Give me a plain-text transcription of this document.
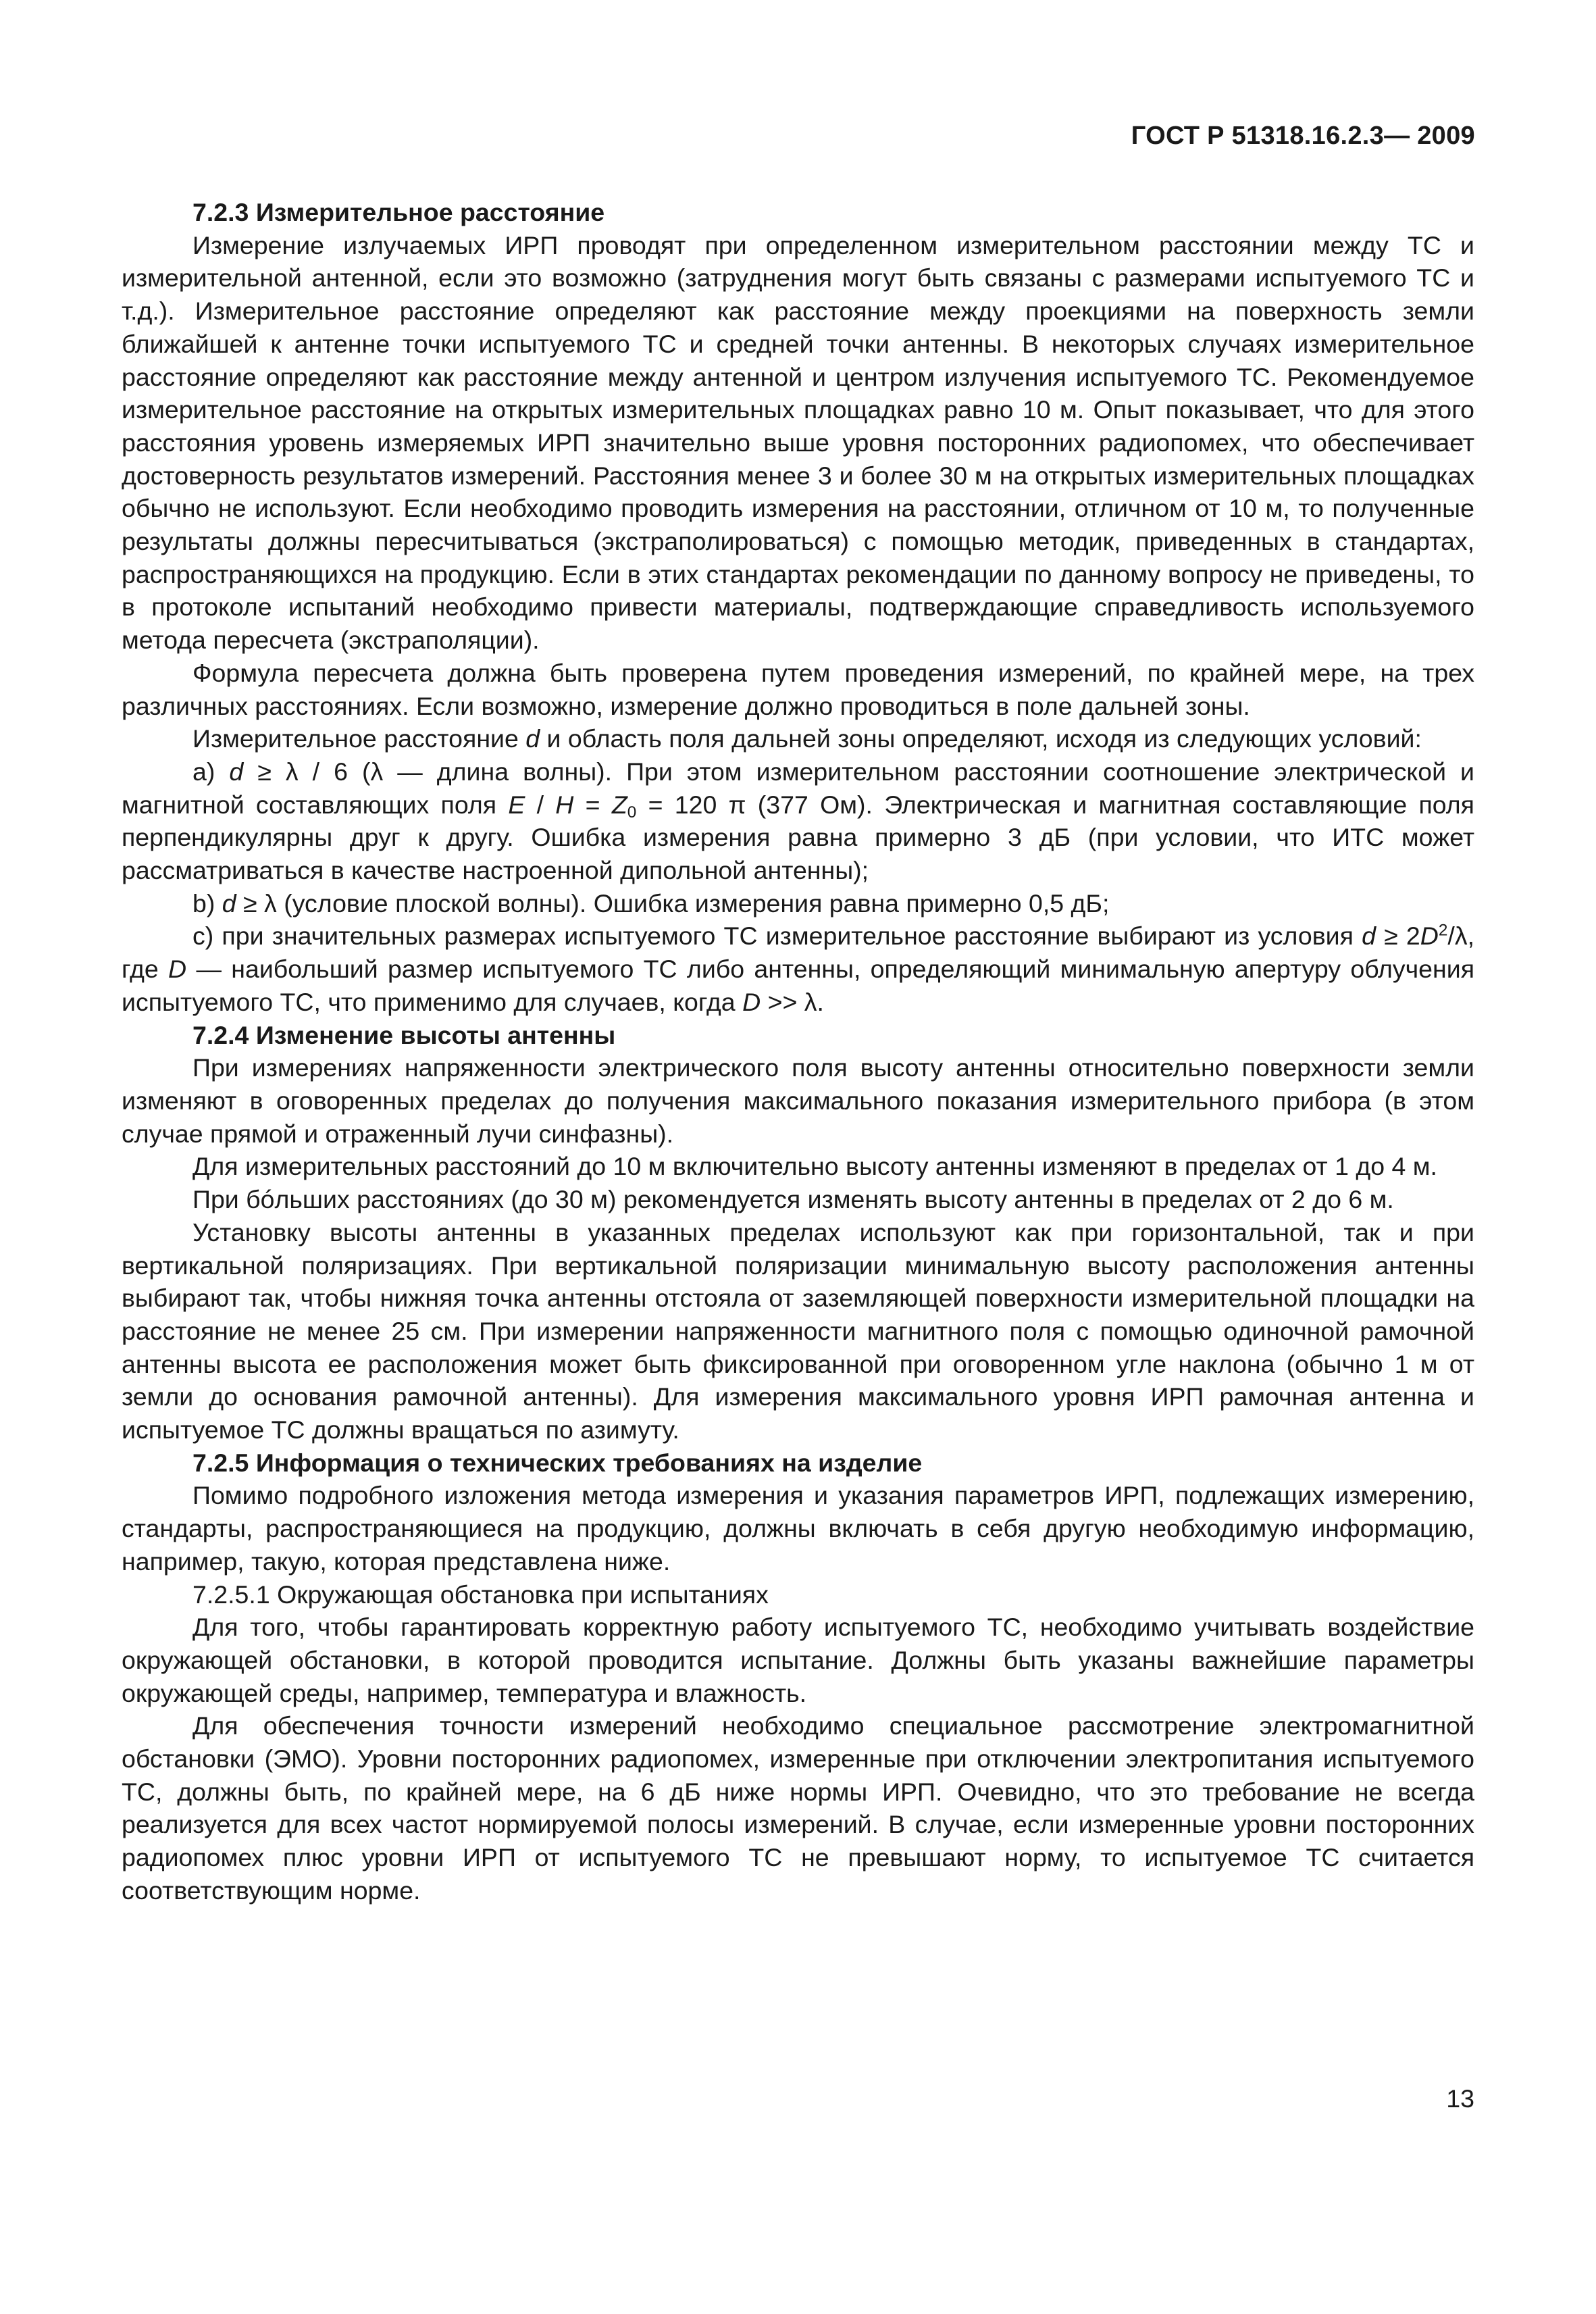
ГОСТ Р 51318.16.2.3— 2009

7.2.3 Измерительное расстояние

Измерение излучаемых ИРП проводят при определенном измерительном расстоянии между ТС и измерительной антенной, если это возможно (затруднения могут быть связаны с размерами испытуемого ТС и т.д.). Измерительное расстояние определяют как расстояние между проекциями на поверхность земли ближайшей к антенне точки испытуемого ТС и средней точки антенны. В некоторых случаях измерительное расстояние определяют как расстояние между антенной и центром излучения испытуемого ТС. Рекомендуемое измерительное расстояние на открытых измерительных площадках равно 10 м. Опыт показывает, что для этого расстояния уровень измеряемых ИРП значительно выше уровня посторонних радиопомех, что обеспечивает достоверность результатов измерений. Расстояния менее 3 и более 30 м на открытых измерительных площадках обычно не используют. Если необходимо проводить измерения на расстоянии, отличном от 10 м, то полученные результаты должны пересчитываться (экстраполироваться) с помощью методик, приведенных в стандартах, распространяющихся на продукцию. Если в этих стандартах рекомендации по данному вопросу не приведены, то в протоколе испытаний необходимо привести материалы, подтверждающие справедливость используемого метода пересчета (экстраполяции).

Формула пересчета должна быть проверена путем проведения измерений, по крайней мере, на трех различных расстояниях. Если возможно, измерение должно проводиться в поле дальней зоны.

Измерительное расстояние d и область поля дальней зоны определяют, исходя из следующих условий:

а) d ≥ λ / 6 (λ — длина волны). При этом измерительном расстоянии соотношение электрической и магнитной составляющих поля $E / H = Z_0 = 120$ π (377 Ом). Электрическая и магнитная составляющие поля перпендикулярны друг к другу. Ошибка измерения равна примерно 3 дБ (при условии, что ИТС может рассматриваться в качестве настроенной дипольной антенны);

b) d ≥ λ (условие плоской волны). Ошибка измерения равна примерно 0,5 дБ;

c) при значительных размерах испытуемого ТС измерительное расстояние выбирают из условия $d \ge 2D^2/\lambda$, где D — наибольший размер испытуемого ТС либо антенны, определяющий минимальную апертуру облучения испытуемого ТС, что применимо для случаев, когда D >> λ.

7.2.4 Изменение высоты антенны

При измерениях напряженности электрического поля высоту антенны относительно поверхности земли изменяют в оговоренных пределах до получения максимального показания измерительного прибора (в этом случае прямой и отраженный лучи синфазны).

Для измерительных расстояний до 10 м включительно высоту антенны изменяют в пределах от 1 до 4 м.

При бóльших расстояниях (до 30 м) рекомендуется изменять высоту антенны в пределах от 2 до 6 м.

Установку высоты антенны в указанных пределах используют как при горизонтальной, так и при вертикальной поляризациях. При вертикальной поляризации минимальную высоту расположения антенны выбирают так, чтобы нижняя точка антенны отстояла от заземляющей поверхности измерительной площадки на расстояние не менее 25 см. При измерении напряженности магнитного поля с помощью одиночной рамочной антенны высота ее расположения может быть фиксированной при оговоренном угле наклона (обычно 1 м от земли до основания рамочной антенны). Для измерения максимального уровня ИРП рамочная антенна и испытуемое ТС должны вращаться по азимуту.

7.2.5 Информация о технических требованиях на изделие

Помимо подробного изложения метода измерения и указания параметров ИРП, подлежащих измерению, стандарты, распространяющиеся на продукцию, должны включать в себя другую необходимую информацию, например, такую, которая представлена ниже.

7.2.5.1 Окружающая обстановка при испытаниях

Для того, чтобы гарантировать корректную работу испытуемого ТС, необходимо учитывать воздействие окружающей обстановки, в которой проводится испытание. Должны быть указаны важнейшие параметры окружающей среды, например, температура и влажность.

Для обеспечения точности измерений необходимо специальное рассмотрение электромагнитной обстановки (ЭМО). Уровни посторонних радиопомех, измеренные при отключении электропитания испытуемого ТС, должны быть, по крайней мере, на 6 дБ ниже нормы ИРП. Очевидно, что это требование не всегда реализуется для всех частот нормируемой полосы измерений. В случае, если измеренные уровни посторонних радиопомех плюс уровни ИРП от испытуемого ТС не превышают норму, то испытуемое ТС считается соответствующим норме.

13
